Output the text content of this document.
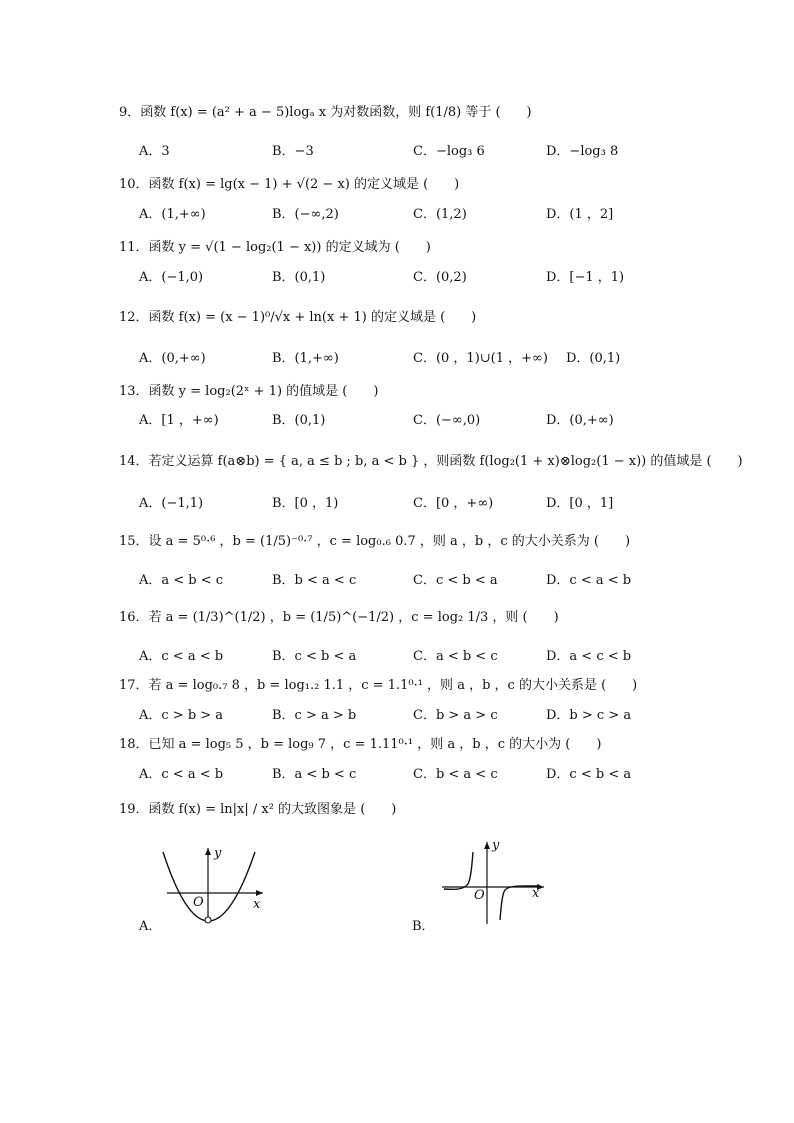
9．函数 f(x) = (a² + a − 5)logₐ x 为对数函数，则 f(1/8) 等于 (　　)
A．3	B．−3	C．−log₃ 6	D．−log₃ 8
10．函数 f(x) = lg(x − 1) + √(2 − x) 的定义域是 (　　)
A．(1,+∞)	B．(−∞,2)	C．(1,2)	D．(1 ，2]
11．函数 y = √(1 − log₂(1 − x)) 的定义域为 (　　)
A．(−1,0)	B．(0,1)	C．(0,2)	D．[−1 ，1)
12．函数 f(x) = (x − 1)⁰/√x + ln(x + 1) 的定义域是 (　　)
A．(0,+∞)	B．(1,+∞)	C．(0 ，1)∪(1 ，+∞) D．(0,1)
13．函数 y = log₂(2ˣ + 1) 的值域是 (　　)
A．[1 ，+∞)	B．(0,1)	C．(−∞,0)	D．(0,+∞)
14．若定义运算 f(a⊗b) = { a, a ≤ b ; b, a < b } ，则函数 f(log₂(1 + x)⊗log₂(1 − x)) 的值域是 (　　)
A．(−1,1)	B．[0 ，1)	C．[0 ，+∞)	D．[0 ，1]
15．设 a = 5⁰·⁶ ，b = (1/5)⁻⁰·⁷ ，c = log₀.₆ 0.7 ，则 a ，b ，c 的大小关系为 (　　)
A．a < b < c	B．b < a < c	C．c < b < a	D．c < a < b
16．若 a = (1/3)^(1/2) ，b = (1/5)^(−1/2) ，c = log₂ 1/3 ，则 (　　)
A．c < a < b	B．c < b < a	C．a < b < c	D．a < c < b
17．若 a = log₀.₇ 8 ，b = log₁.₂ 1.1 ，c = 1.1⁰·¹ ，则 a ，b ，c 的大小关系是 (　　)
A．c > b > a	B．c > a > b	C．b > a > c	D．b > c > a
18．已知 a = log₅ 5 ，b = log₉ 7 ，c = 1.11⁰·¹ ，则 a ，b ，c 的大小为 (　　)
A．c < a < b	B．a < b < c	C．b < a < c	D．c < b < a
19．函数 f(x) = ln|x| / x² 的大致图象是 (　　)
y
x
O
A．
y
x
O
B．
